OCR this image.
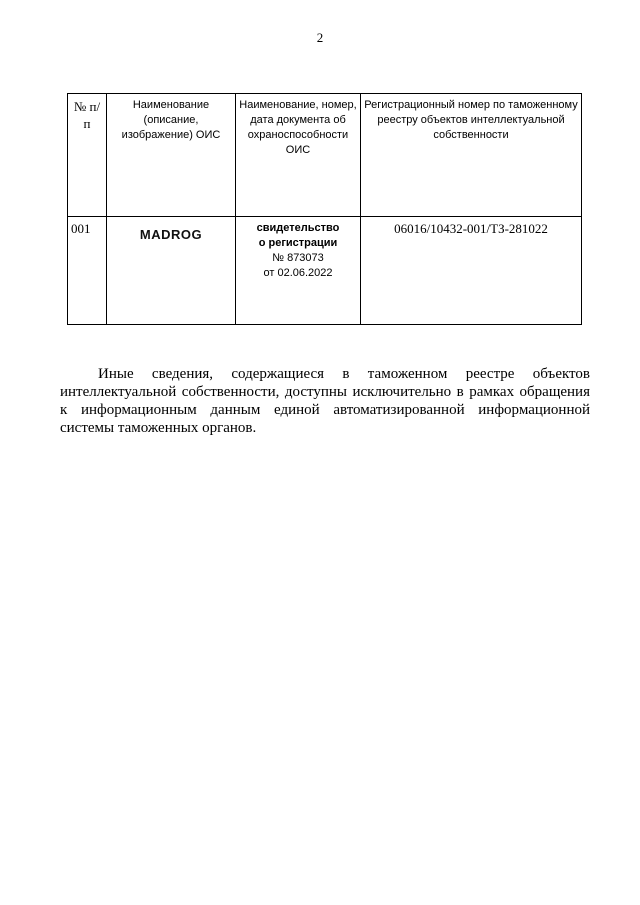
2
№ п/п	Наименование (описание, изображение) ОИС	Наименование, номер, дата документа об охраноспособности ОИС	Регистрационный номер по таможенному реестру объектов интеллектуальной собственности
001	MADROG	свидетельство
о регистрации
№ 873073
от 02.06.2022	06016/10432-001/ТЗ-281022

Иные сведения, содержащиеся в таможенном реестре объектов интеллектуальной собственности, доступны исключительно в рамках обращения к информационным данным единой автоматизированной информационной системы таможенных органов.
